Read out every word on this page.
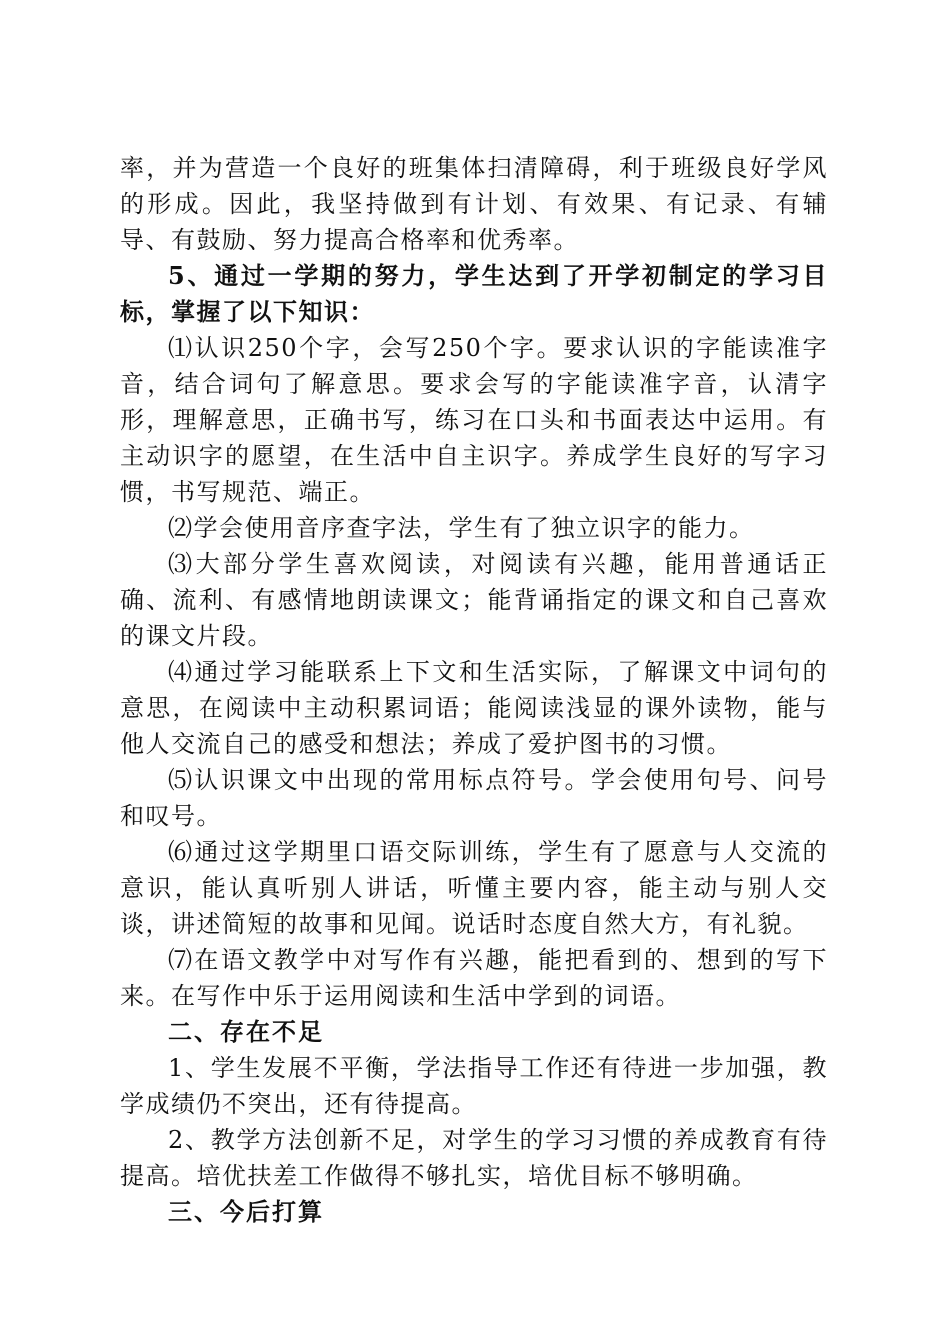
率，并为营造一个良好的班集体扫清障碍，利于班级良好学风的形成。因此，我坚持做到有计划、有效果、有记录、有辅导、有鼓励、努力提高合格率和优秀率。

5、通过一学期的努力，学生达到了开学初制定的学习目标，掌握了以下知识：

⑴认识250个字，会写250个字。要求认识的字能读准字音，结合词句了解意思。要求会写的字能读准字音，认清字形，理解意思，正确书写，练习在口头和书面表达中运用。有主动识字的愿望，在生活中自主识字。养成学生良好的写字习惯，书写规范、端正。

⑵学会使用音序查字法，学生有了独立识字的能力。

⑶大部分学生喜欢阅读，对阅读有兴趣，能用普通话正确、流利、有感情地朗读课文；能背诵指定的课文和自己喜欢的课文片段。

⑷通过学习能联系上下文和生活实际，了解课文中词句的意思，在阅读中主动积累词语；能阅读浅显的课外读物，能与他人交流自己的感受和想法；养成了爱护图书的习惯。

⑸认识课文中出现的常用标点符号。学会使用句号、问号和叹号。

⑹通过这学期里口语交际训练，学生有了愿意与人交流的意识，能认真听别人讲话，听懂主要内容，能主动与别人交谈，讲述简短的故事和见闻。说话时态度自然大方，有礼貌。

⑺在语文教学中对写作有兴趣，能把看到的、想到的写下来。在写作中乐于运用阅读和生活中学到的词语。

二、存在不足

1、学生发展不平衡，学法指导工作还有待进一步加强，教学成绩仍不突出，还有待提高。

2、教学方法创新不足，对学生的学习习惯的养成教育有待提高。培优扶差工作做得不够扎实，培优目标不够明确。

三、今后打算
